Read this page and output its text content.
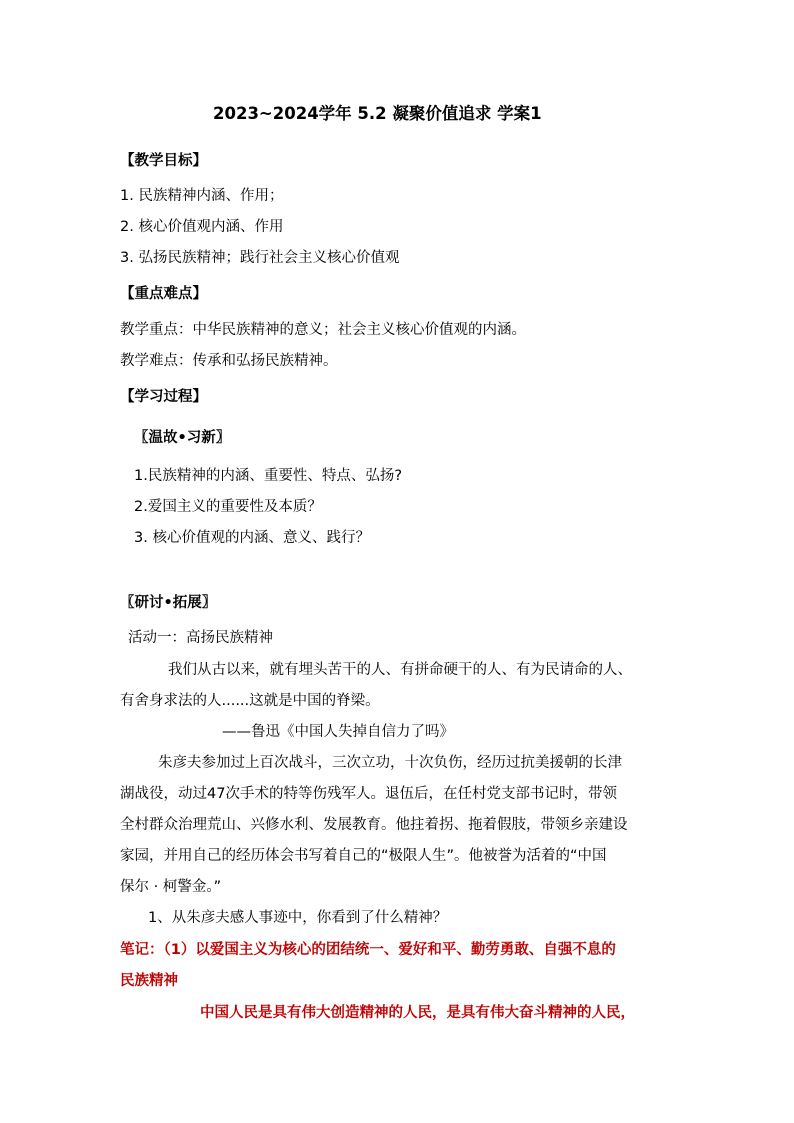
2023~2024学年 5.2 凝聚价值追求 学案1
【教学目标】
1. 民族精神内涵、作用；
2. 核心价值观内涵、作用
3. 弘扬民族精神；践行社会主义核心价值观
【重点难点】
教学重点：中华民族精神的意义；社会主义核心价值观的内涵。
教学难点：传承和弘扬民族精神。
【学习过程】
〖温故•习新〗
1.民族精神的内涵、重要性、特点、弘扬?
2.爱国主义的重要性及本质？
3. 核心价值观的内涵、意义、践行？
〖研讨•拓展〗
活动一：高扬民族精神
我们从古以来，就有埋头苦干的人、有拼命硬干的人、有为民请命的人、
有舍身求法的人......这就是中国的脊梁。
——鲁迅《中国人失掉自信力了吗》
朱彦夫参加过上百次战斗，三次立功，十次负伤，经历过抗美援朝的长津
湖战役，动过47次手术的特等伤残军人。退伍后，在任村党支部书记时，带领
全村群众治理荒山、兴修水利、发展教育。他拄着拐、拖着假肢，带领乡亲建设
家园，并用自己的经历体会书写着自己的“极限人生”。他被誉为活着的“中国
保尔 · 柯警金。”
1、从朱彦夫感人事迹中，你看到了什么精神？
笔记：（1）以爱国主义为核心的团结统一、爱好和平、勤劳勇敢、自强不息的
民族精神
中国人民是具有伟大创造精神的人民，是具有伟大奋斗精神的人民，
